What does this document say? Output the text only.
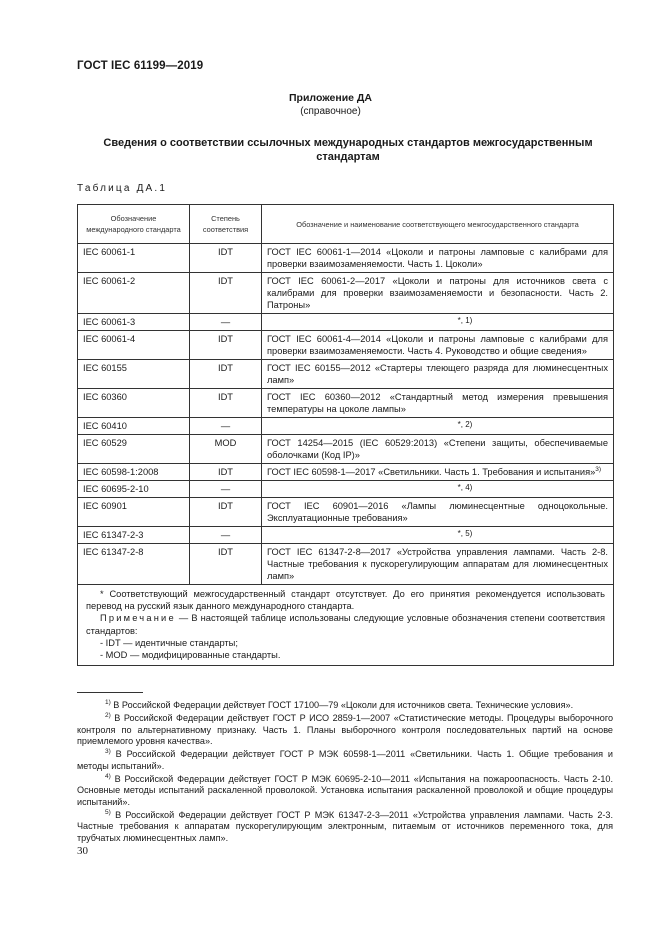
ГОСТ IEC 61199—2019
Приложение ДА
(справочное)
Сведения о соответствии ссылочных международных стандартов межгосударственным стандартам
Таблица ДА.1
Обозначение международного стандарта	Степень соответствия	Обозначение и наименование соответствующего межгосударственного стандарта
IEC 60061-1	IDT	ГОСТ IEC 60061-1—2014 «Цоколи и патроны ламповые с калибрами для проверки взаимозаменяемости. Часть 1. Цоколи»
IEC 60061-2	IDT	ГОСТ IEC 60061-2—2017 «Цоколи и патроны для источников света с калибрами для проверки взаимозаменяемости и безопасности. Часть 2. Патроны»
IEC 60061-3	—	*, 1)
IEC 60061-4	IDT	ГОСТ IEC 60061-4—2014 «Цоколи и патроны ламповые с калибрами для проверки взаимозаменяемости. Часть 4. Руководство и общие сведения»
IEC 60155	IDT	ГОСТ IEC 60155—2012 «Стартеры тлеющего разряда для люминесцентных ламп»
IEC 60360	IDT	ГОСТ IEC 60360—2012 «Стандартный метод измерения превышения температуры на цоколе лампы»
IEC 60410	—	*, 2)
IEC 60529	MOD	ГОСТ 14254—2015 (IEC 60529:2013) «Степени защиты, обеспечиваемые оболочками (Код IP)»
IEC 60598-1:2008	IDT	ГОСТ IEC 60598-1—2017 «Светильники. Часть 1. Требования и испытания»$^{3)}$
IEC 60695-2-10	—	*, 4)
IEC 60901	IDT	ГОСТ IEC 60901—2016 «Лампы люминесцентные одноцокольные. Эксплуатационные требования»
IEC 61347-2-3	—	*, 5)
IEC 61347-2-8	IDT	ГОСТ IEC 61347-2-8—2017 «Устройства управления лампами. Часть 2-8. Частные требования к пускорегулирующим аппаратам для люминесцентных ламп»

* Соответствующий межгосударственный стандарт отсутствует. До его принятия рекомендуется использовать перевод на русский язык данного международного стандарта.
Примечание — В настоящей таблице использованы следующие условные обозначения степени соответствия стандартов:
- IDT — идентичные стандарты;
- MOD — модифицированные стандарты.		

$^{1)}$ В Российской Федерации действует ГОСТ 17100—79 «Цоколи для источников света. Технические условия».

$^{2)}$ В Российской Федерации действует ГОСТ Р ИСО 2859-1—2007 «Статистические методы. Процедуры выборочного контроля по альтернативному признаку. Часть 1. Планы выборочного контроля последовательных партий на основе приемлемого уровня качества».

$^{3)}$ В Российской Федерации действует ГОСТ Р МЭК 60598-1—2011 «Светильники. Часть 1. Общие требования и методы испытаний».

$^{4)}$ В Российской Федерации действует ГОСТ Р МЭК 60695-2-10—2011 «Испытания на пожароопасность. Часть 2-10. Основные методы испытаний раскаленной проволокой. Установка испытания раскаленной проволокой и общие процедуры испытаний».

$^{5)}$ В Российской Федерации действует ГОСТ Р МЭК 61347-2-3—2011 «Устройства управления лампами. Часть 2-3. Частные требования к аппаратам пускорегулирующим электронным, питаемым от источников переменного тока, для трубчатых люминесцентных ламп».

30
